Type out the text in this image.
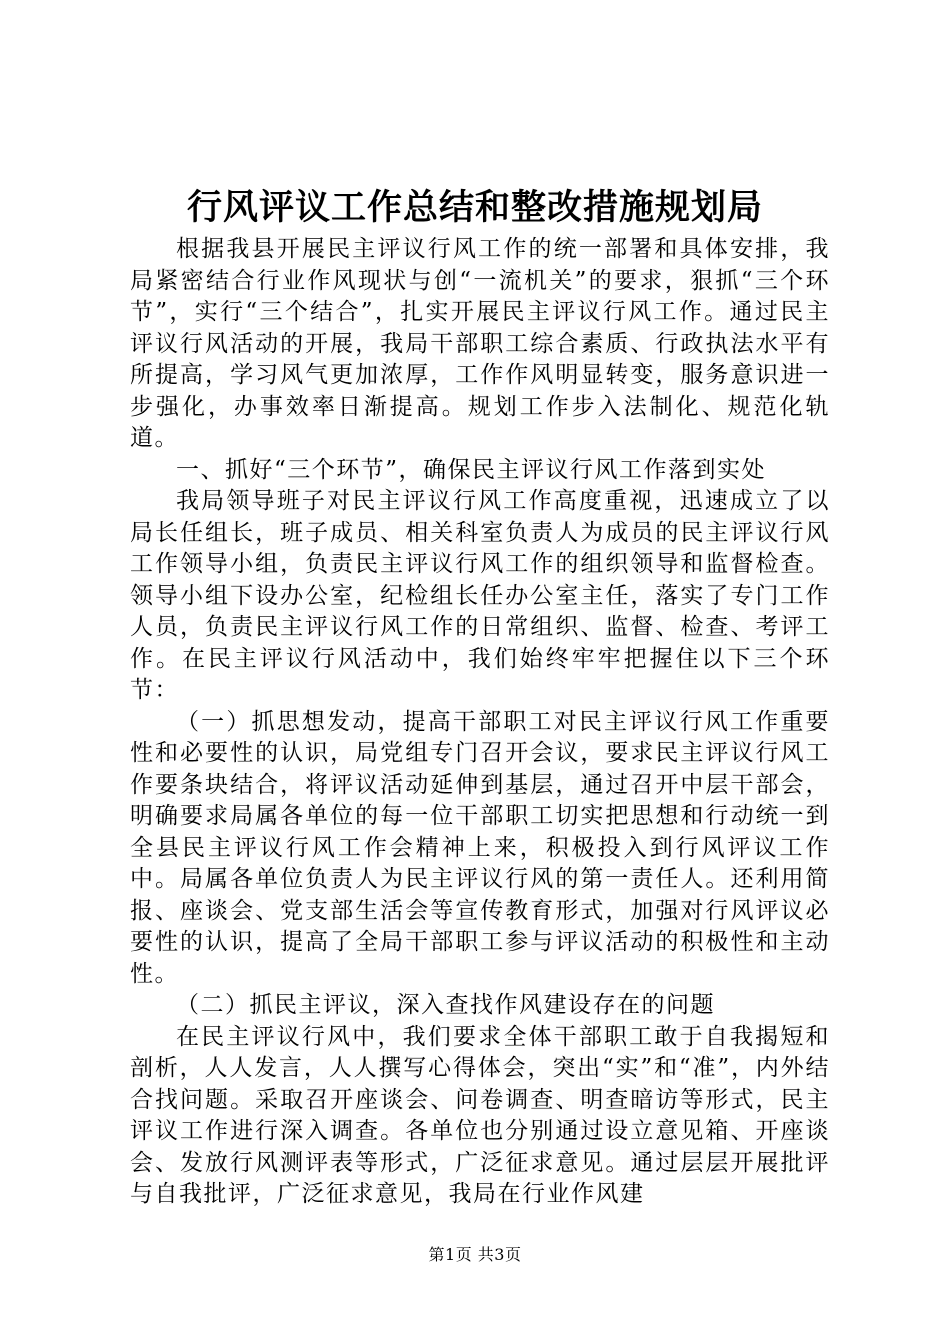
行风评议工作总结和整改措施规划局

根据我县开展民主评议行风工作的统一部署和具体安排，我局紧密结合行业作风现状与创“一流机关”的要求，狠抓“三个环节”，实行“三个结合”，扎实开展民主评议行风工作。通过民主评议行风活动的开展，我局干部职工综合素质、行政执法水平有所提高，学习风气更加浓厚，工作作风明显转变，服务意识进一步强化，办事效率日渐提高。规划工作步入法制化、规范化轨道。

一、抓好“三个环节”，确保民主评议行风工作落到实处

我局领导班子对民主评议行风工作高度重视，迅速成立了以局长任组长，班子成员、相关科室负责人为成员的民主评议行风工作领导小组，负责民主评议行风工作的组织领导和监督检查。领导小组下设办公室，纪检组长任办公室主任，落实了专门工作人员，负责民主评议行风工作的日常组织、监督、检查、考评工作。在民主评议行风活动中，我们始终牢牢把握住以下三个环节：

（一）抓思想发动，提高干部职工对民主评议行风工作重要性和必要性的认识，局党组专门召开会议，要求民主评议行风工作要条块结合，将评议活动延伸到基层，通过召开中层干部会，明确要求局属各单位的每一位干部职工切实把思想和行动统一到全县民主评议行风工作会精神上来，积极投入到行风评议工作中。局属各单位负责人为民主评议行风的第一责任人。还利用简报、座谈会、党支部生活会等宣传教育形式，加强对行风评议必要性的认识，提高了全局干部职工参与评议活动的积极性和主动性。

（二）抓民主评议，深入查找作风建设存在的问题

在民主评议行风中，我们要求全体干部职工敢于自我揭短和剖析，人人发言，人人撰写心得体会，突出“实”和“准”，内外结合找问题。采取召开座谈会、问卷调查、明查暗访等形式，民主评议工作进行深入调查。各单位也分别通过设立意见箱、开座谈会、发放行风测评表等形式，广泛征求意见。通过层层开展批评与自我批评，广泛征求意见，我局在行业作风建

第1页 共3页
